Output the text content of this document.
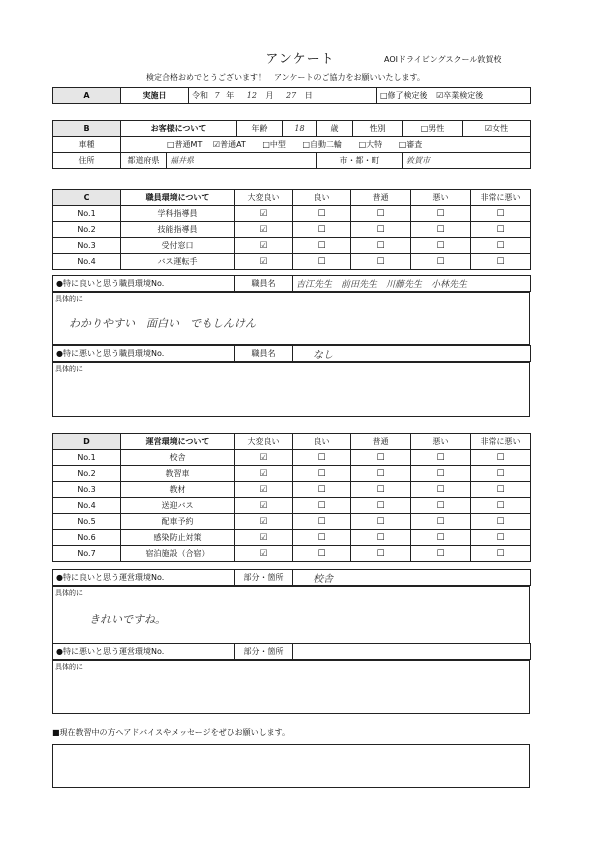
アンケート	AOIドライビングスクール敦賀校
検定合格おめでとうございます！　アンケートのご協力をお願いいたします。
A	実施日	令和 7 年 12 月 27 日	□修了検定後 ☑卒業検定後
B	お客様について		年齢	18	歳	性別	□男性	☑女性
車種	□普通MT ☑普通AT □中型 □自動二輪 □大特 □審査							
住所	都道府県	福井県			市・都・町		敦賀市	
C	職員環境について	大変良い	良い	普通	悪い	非常に悪い
No.1	学科指導員	☑	☐	☐	☐	☐
No.2	技能指導員	☑	☐	☐	☐	☐
No.3	受付窓口	☑	☐	☐	☐	☐
No.4	バス運転手	☑	☐	☐	☐	☐
●特に良いと思う職員環境No.	職員名	吉江先生　前田先生　川藤先生　小林先生
具体的に
わかりやすい　面白い　でもしんけん
●特に悪いと思う職員環境No.	職員名	なし
具体的に
D	運営環境について	大変良い	良い	普通	悪い	非常に悪い
No.1	校舎	☑	☐	☐	☐	☐
No.2	教習車	☑	☐	☐	☐	☐
No.3	教材	☑	☐	☐	☐	☐
No.4	送迎バス	☑	☐	☐	☐	☐
No.5	配車予約	☑	☐	☐	☐	☐
No.6	感染防止対策	☑	☐	☐	☐	☐
No.7	宿泊施設（合宿）	☑	☐	☐	☐	☐
●特に良いと思う運営環境No.	部分・箇所	校舎
具体的に
きれいですね。
●特に悪いと思う運営環境No.	部分・箇所	
具体的に
■現在教習中の方へアドバイスやメッセージをぜひお願いします。
